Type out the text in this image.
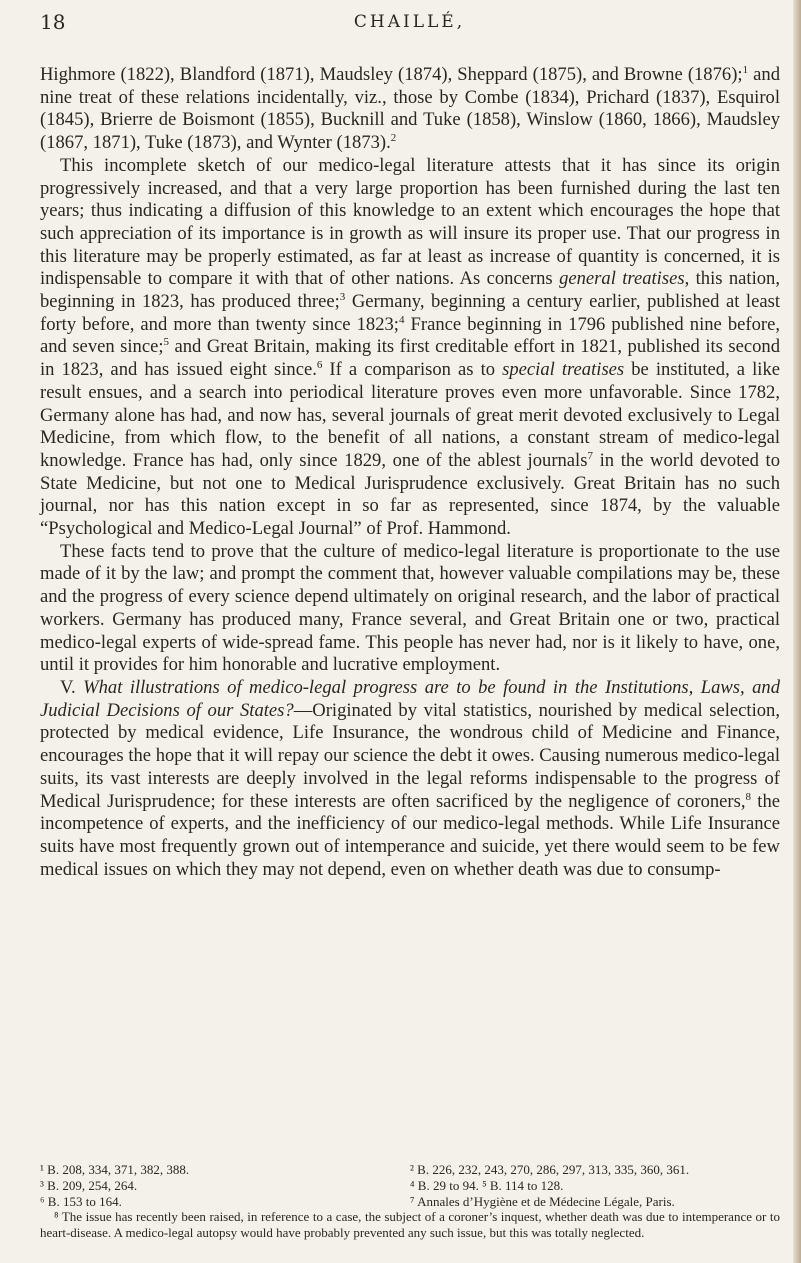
18	CHAILLÉ,

Highmore (1822), Blandford (1871), Maudsley (1874), Sheppard (1875), and Browne (1876);$^1$ and nine treat of these relations incidentally, viz., those by Combe (1834), Prichard (1837), Esquirol (1845), Brierre de Boismont (1855), Bucknill and Tuke (1858), Winslow (1860, 1866), Maudsley (1867, 1871), Tuke (1873), and Wynter (1873).$^2$

This incomplete sketch of our medico-legal literature attests that it has since its origin progressively increased, and that a very large proportion has been furnished during the last ten years; thus indicating a diffusion of this knowledge to an extent which encourages the hope that such appreciation of its importance is in growth as will insure its proper use. That our progress in this literature may be properly estimated, as far at least as increase of quantity is concerned, it is indispensable to compare it with that of other nations. As concerns general treatises, this nation, beginning in 1823, has produced three;$^3$ Germany, beginning a century earlier, published at least forty before, and more than twenty since 1823;$^4$ France beginning in 1796 published nine before, and seven since;$^5$ and Great Britain, making its first creditable effort in 1821, published its second in 1823, and has issued eight since.$^6$ If a comparison as to special treatises be instituted, a like result ensues, and a search into periodical literature proves even more unfavorable. Since 1782, Germany alone has had, and now has, several journals of great merit devoted exclusively to Legal Medicine, from which flow, to the benefit of all nations, a constant stream of medico-legal knowledge. France has had, only since 1829, one of the ablest journals$^7$ in the world devoted to State Medicine, but not one to Medical Jurisprudence exclusively. Great Britain has no such journal, nor has this nation except in so far as represented, since 1874, by the valuable “Psychological and Medico-Legal Journal” of Prof. Hammond.

These facts tend to prove that the culture of medico-legal literature is proportionate to the use made of it by the law; and prompt the comment that, however valuable compilations may be, these and the progress of every science depend ultimately on original research, and the labor of practical workers. Germany has produced many, France several, and Great Britain one or two, practical medico-legal experts of wide-spread fame. This people has never had, nor is it likely to have, one, until it provides for him honorable and lucrative employment.

V. What illustrations of medico-legal progress are to be found in the Institutions, Laws, and Judicial Decisions of our States?—Originated by vital statistics, nourished by medical selection, protected by medical evidence, Life Insurance, the wondrous child of Medicine and Finance, encourages the hope that it will repay our science the debt it owes. Causing numerous medico-legal suits, its vast interests are deeply involved in the legal reforms indispensable to the progress of Medical Jurisprudence; for these interests are often sacrificed by the negligence of coroners,$^8$ the incompetence of experts, and the inefficiency of our medico-legal methods. While Life Insurance suits have most frequently grown out of intemperance and suicide, yet there would seem to be few medical issues on which they may not depend, even on whether death was due to consump-

¹ B. 208, 334, 371, 382, 388.	² B. 226, 232, 243, 270, 286, 297, 313, 335, 360, 361.
³ B. 209, 254, 264.	⁴ B. 29 to 94. ⁵ B. 114 to 128.
⁶ B. 153 to 164.	⁷ Annales d’Hygiène et de Médecine Légale, Paris.
⁸ The issue has recently been raised, in reference to a case, the subject of a coroner’s inquest, whether death was due to intemperance or to heart-disease. A medico-legal autopsy would have probably prevented any such issue, but this was totally neglected.
